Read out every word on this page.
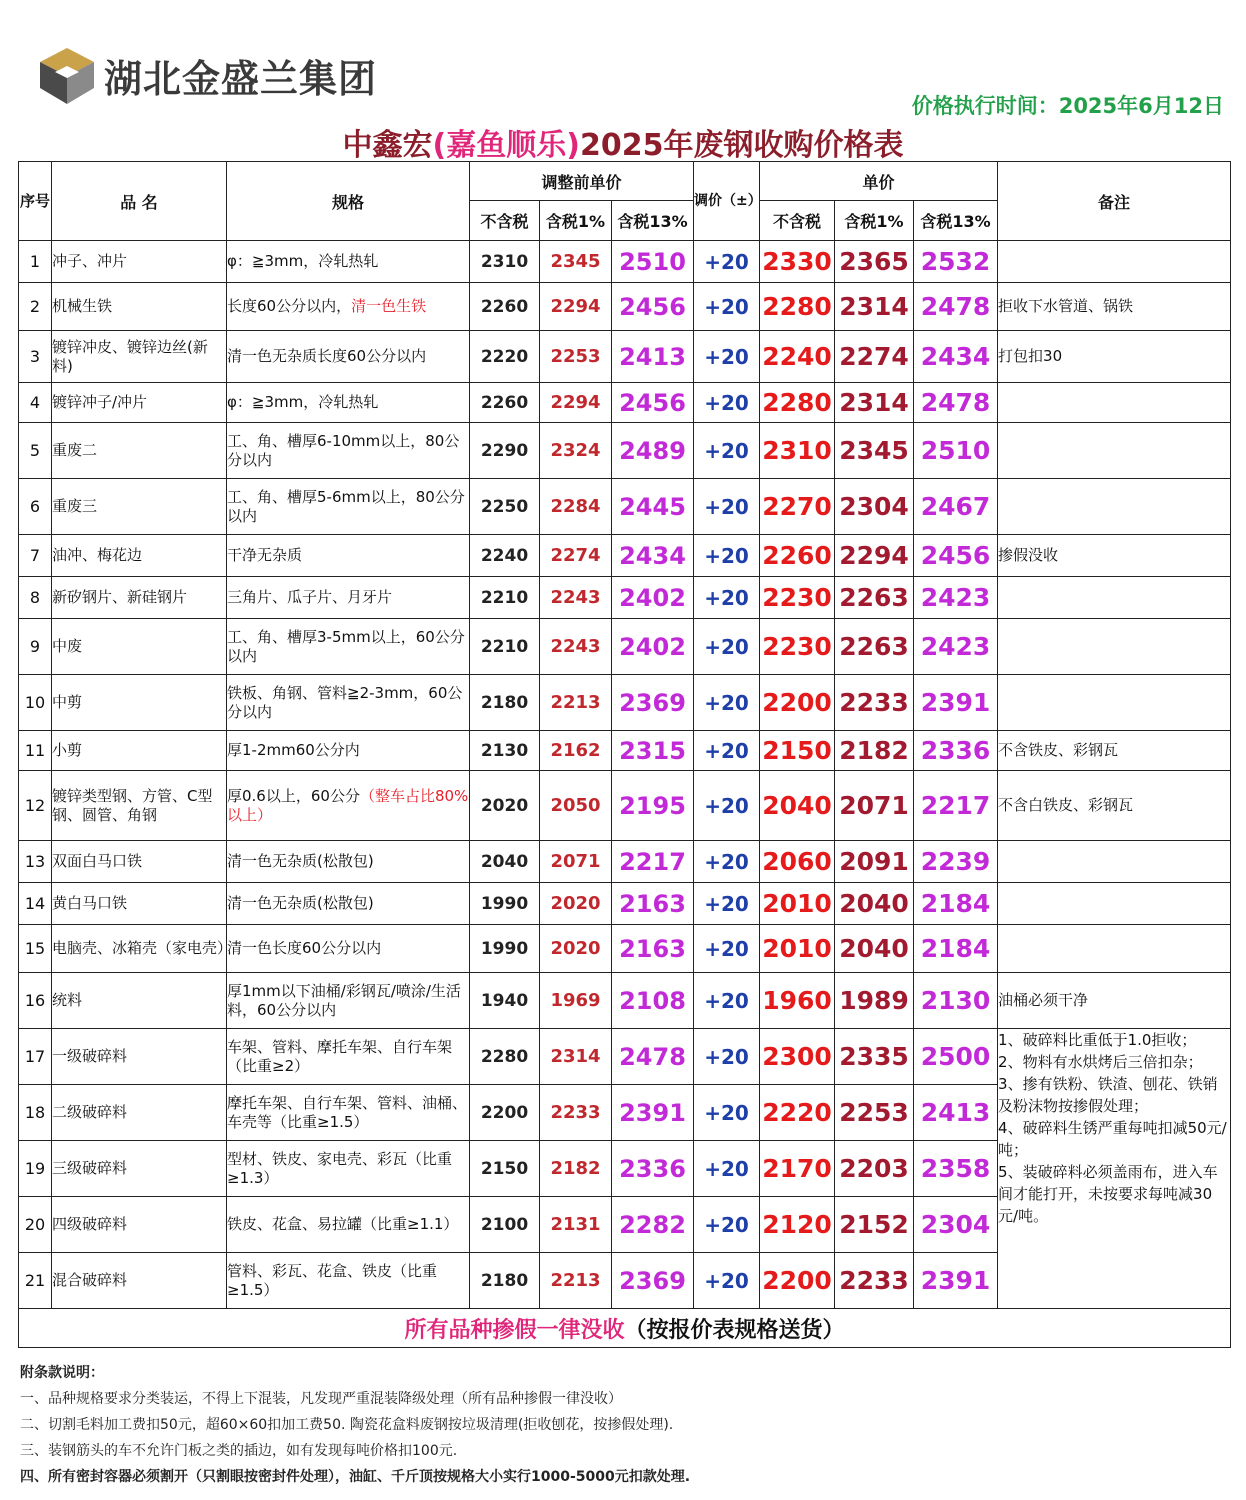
湖北金盛兰集团
价格执行时间：2025年6月12日
中鑫宏(嘉鱼顺乐)2025年废钢收购价格表
序号	品 名	规格	调整前单价			调价（±）	单价			备注
			不含税	含税1%	含税13%		不含税	含税1%	含税13%	
1	冲子、冲片	φ：≧3mm，冷轧热轧	2310	2345	2510	+20	2330	2365	2532	
2	机械生铁	长度60公分以内，清一色生铁	2260	2294	2456	+20	2280	2314	2478	拒收下水管道、锅铁
3	镀锌冲皮、镀锌边丝(新料)	清一色无杂质长度60公分以内	2220	2253	2413	+20	2240	2274	2434	打包扣30
4	镀锌冲子/冲片	φ：≧3mm，冷轧热轧	2260	2294	2456	+20	2280	2314	2478	
5	重废二	工、角、槽厚6-10mm以上，80公分以内	2290	2324	2489	+20	2310	2345	2510	
6	重废三	工、角、槽厚5-6mm以上，80公分以内	2250	2284	2445	+20	2270	2304	2467	
7	油冲、梅花边	干净无杂质	2240	2274	2434	+20	2260	2294	2456	掺假没收
8	新矽钢片、新硅钢片	三角片、瓜子片、月牙片	2210	2243	2402	+20	2230	2263	2423	
9	中废	工、角、槽厚3-5mm以上，60公分以内	2210	2243	2402	+20	2230	2263	2423	
10	中剪	铁板、角钢、管料≧2-3mm，60公分以内	2180	2213	2369	+20	2200	2233	2391	
11	小剪	厚1-2mm60公分内	2130	2162	2315	+20	2150	2182	2336	不含铁皮、彩钢瓦
12	镀锌类型钢、方管、C型钢、圆管、角钢	厚0.6以上，60公分（整车占比80%以上）	2020	2050	2195	+20	2040	2071	2217	不含白铁皮、彩钢瓦
13	双面白马口铁	清一色无杂质(松散包)	2040	2071	2217	+20	2060	2091	2239	
14	黄白马口铁	清一色无杂质(松散包)	1990	2020	2163	+20	2010	2040	2184	
15	电脑壳、冰箱壳（家电壳）	清一色长度60公分以内	1990	2020	2163	+20	2010	2040	2184	
16	统料	厚1mm以下油桶/彩钢瓦/喷涂/生活料，60公分以内	1940	1969	2108	+20	1960	1989	2130	油桶必须干净
17	一级破碎料	车架、管料、摩托车架、自行车架（比重≥2）	2280	2314	2478	+20	2300	2335	2500	1、破碎料比重低于1.0拒收；
2、物料有水烘烤后三倍扣杂；
3、掺有铁粉、铁渣、刨花、铁销及粉沫物按掺假处理；
4、破碎料生锈严重每吨扣减50元/吨；
5、装破碎料必须盖雨布，进入车间才能打开，未按要求每吨减30元/吨。

18	二级破碎料	摩托车架、自行车架、管料、油桶、车壳等（比重≥1.5）	2200	2233	2391	+20	2220	2253	2413	
19	三级破碎料	型材、铁皮、家电壳、彩瓦（比重≥1.3）	2150	2182	2336	+20	2170	2203	2358	
20	四级破碎料	铁皮、花盒、易拉罐（比重≥1.1）	2100	2131	2282	+20	2120	2152	2304	
21	混合破碎料	管料、彩瓦、花盒、铁皮（比重≥1.5）	2180	2213	2369	+20	2200	2233	2391	
所有品种掺假一律没收（按报价表规格送货）										
附条款说明：
一、品种规格要求分类装运，不得上下混装，凡发现严重混装降级处理（所有品种掺假一律没收）
二、切割毛料加工费扣50元，超60×60扣加工费50. 陶瓷花盒料废钢按垃圾清理(拒收刨花，按掺假处理).
三、装钢筋头的车不允许门板之类的插边，如有发现每吨价格扣100元.
四、所有密封容器必须割开（只割眼按密封件处理），油缸、千斤顶按规格大小实行1000-5000元扣款处理.
